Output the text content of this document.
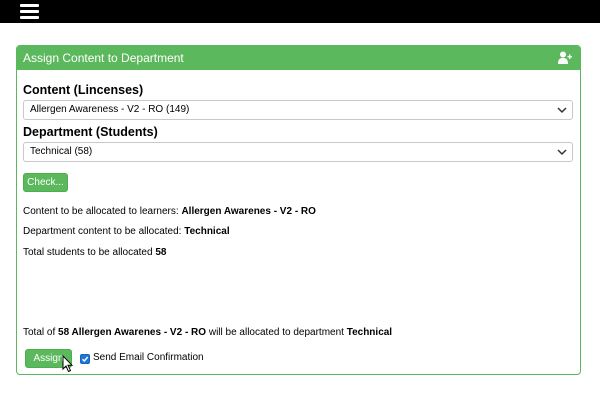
Assign Content to Department
Content (Lincenses)
Allergen Awareness - V2 - RO (149)
Department (Students)
Technical (58)
Check...
Content to be allocated to learners: Allergen Awarenes - V2 - RO
Department content to be allocated: Technical
Total students to be allocated 58
Total of 58 Allergen Awarenes - V2 - RO will be allocated to department Technical
Assign	Send Email Confirmation
